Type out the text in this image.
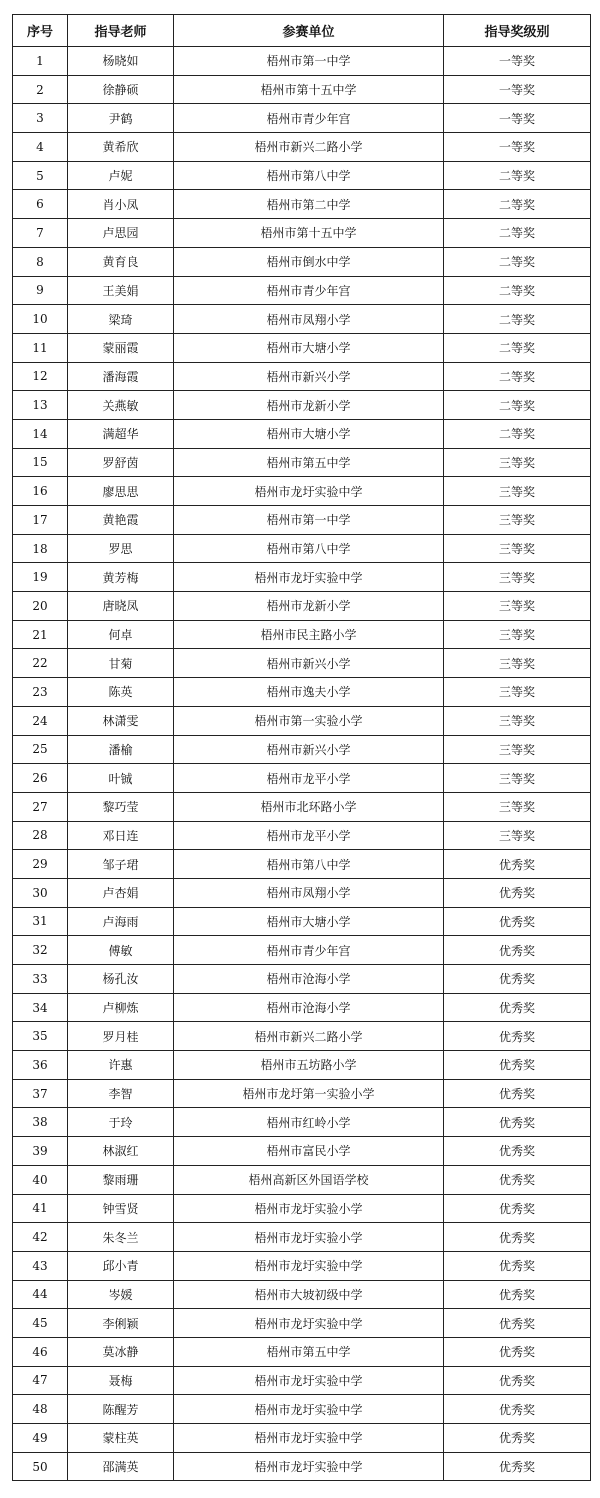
序号	指导老师	参赛单位	指导奖级别
1	杨晓如	梧州市第一中学	一等奖
2	徐静硕	梧州市第十五中学	一等奖
3	尹鹤	梧州市青少年宫	一等奖
4	黄希欣	梧州市新兴二路小学	一等奖
5	卢妮	梧州市第八中学	二等奖
6	肖小凤	梧州市第二中学	二等奖
7	卢思园	梧州市第十五中学	二等奖
8	黄育良	梧州市倒水中学	二等奖
9	王美娟	梧州市青少年宫	二等奖
10	梁琦	梧州市凤翔小学	二等奖
11	蒙丽霞	梧州市大塘小学	二等奖
12	潘海霞	梧州市新兴小学	二等奖
13	关燕敏	梧州市龙新小学	二等奖
14	满超华	梧州市大塘小学	二等奖
15	罗舒茵	梧州市第五中学	三等奖
16	廖思思	梧州市龙圩实验中学	三等奖
17	黄艳霞	梧州市第一中学	三等奖
18	罗思	梧州市第八中学	三等奖
19	黄芳梅	梧州市龙圩实验中学	三等奖
20	唐晓凤	梧州市龙新小学	三等奖
21	何卓	梧州市民主路小学	三等奖
22	甘菊	梧州市新兴小学	三等奖
23	陈英	梧州市逸夫小学	三等奖
24	林潇雯	梧州市第一实验小学	三等奖
25	潘榆	梧州市新兴小学	三等奖
26	叶铖	梧州市龙平小学	三等奖
27	黎巧莹	梧州市北环路小学	三等奖
28	邓日连	梧州市龙平小学	三等奖
29	邹子珺	梧州市第八中学	优秀奖
30	卢杏娟	梧州市凤翔小学	优秀奖
31	卢海雨	梧州市大塘小学	优秀奖
32	傅敏	梧州市青少年宫	优秀奖
33	杨孔汝	梧州市沧海小学	优秀奖
34	卢柳炼	梧州市沧海小学	优秀奖
35	罗月桂	梧州市新兴二路小学	优秀奖
36	许惠	梧州市五坊路小学	优秀奖
37	李智	梧州市龙圩第一实验小学	优秀奖
38	于玲	梧州市红岭小学	优秀奖
39	林淑红	梧州市富民小学	优秀奖
40	黎雨珊	梧州高新区外国语学校	优秀奖
41	钟雪贤	梧州市龙圩实验小学	优秀奖
42	朱冬兰	梧州市龙圩实验小学	优秀奖
43	邱小青	梧州市龙圩实验中学	优秀奖
44	岑媛	梧州市大坡初级中学	优秀奖
45	李俐颖	梧州市龙圩实验中学	优秀奖
46	莫冰静	梧州市第五中学	优秀奖
47	聂梅	梧州市龙圩实验中学	优秀奖
48	陈醒芳	梧州市龙圩实验中学	优秀奖
49	蒙柱英	梧州市龙圩实验中学	优秀奖
50	邵满英	梧州市龙圩实验中学	优秀奖
